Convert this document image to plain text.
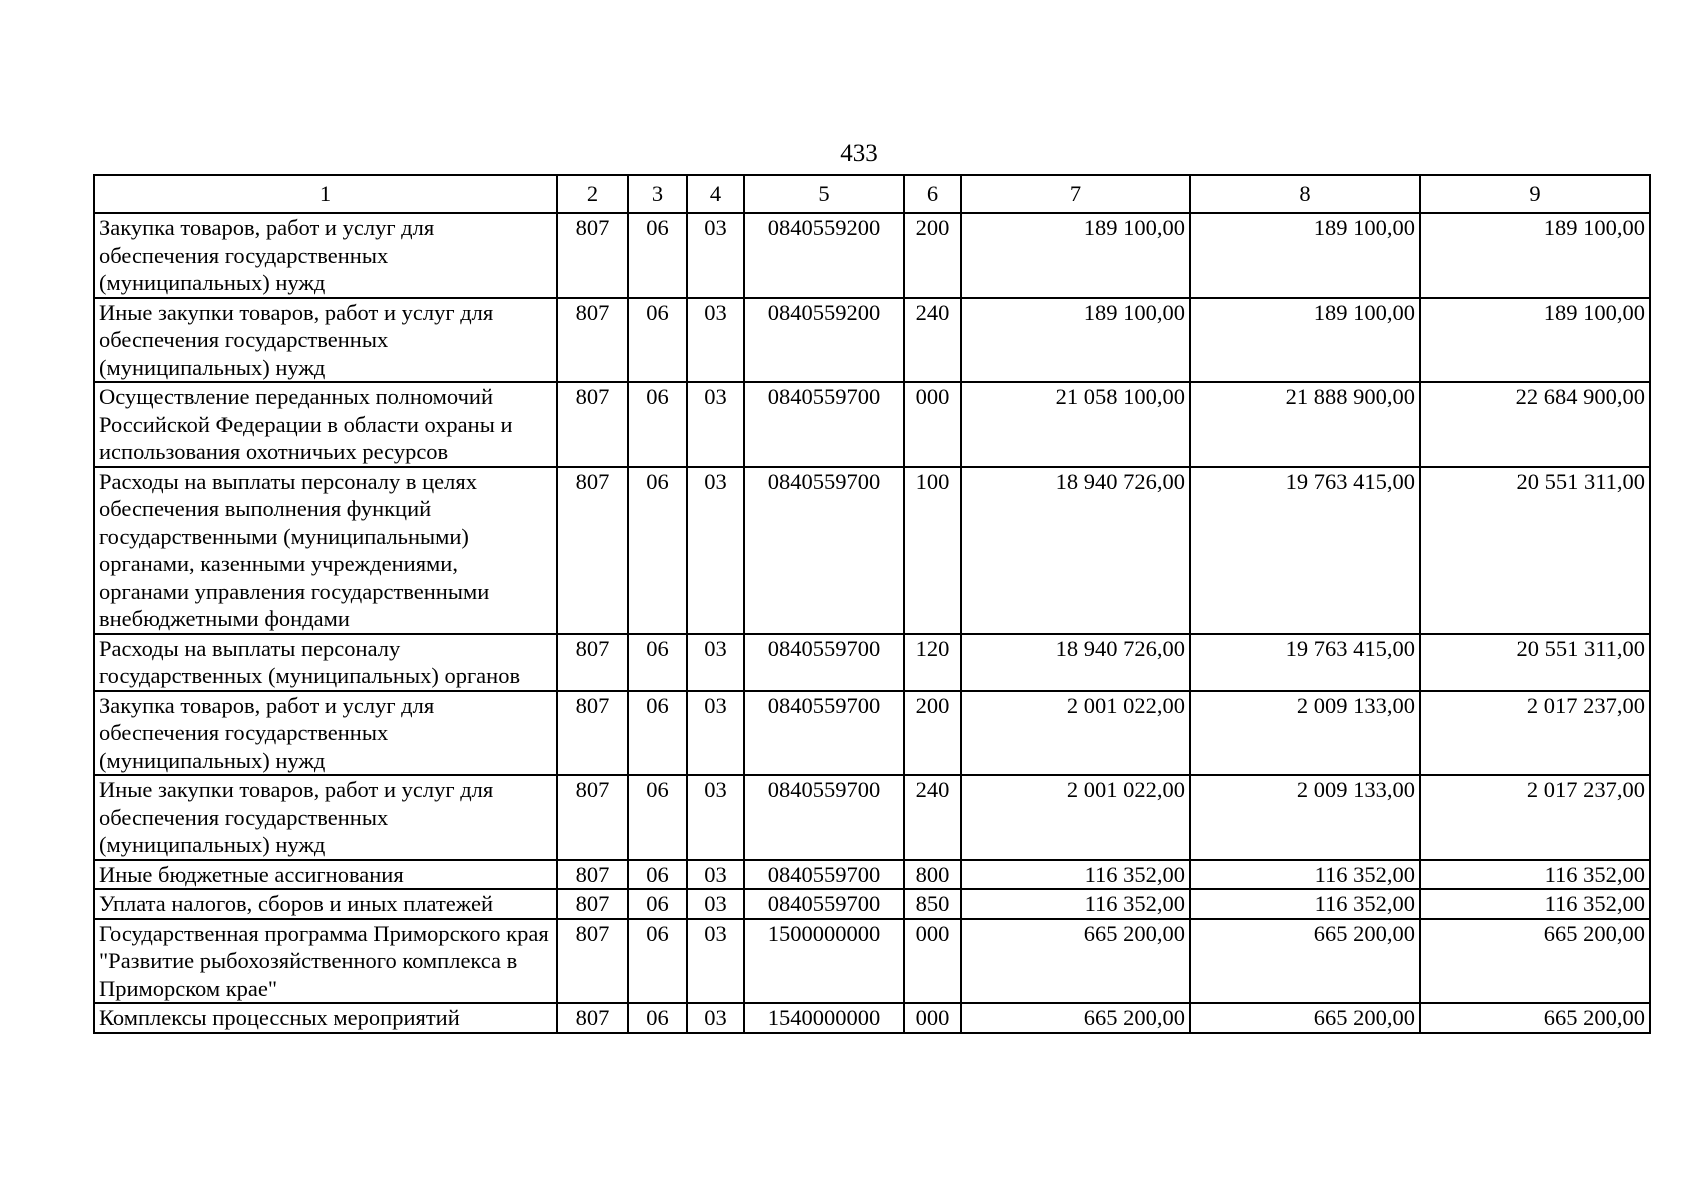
433
1	2	3	4	5	6	7	8	9
Закупка товаров, работ и услуг для обеспечения государственных (муниципальных) нужд	807	06	03	0840559200	200	189 100,00	189 100,00	189 100,00
Иные закупки товаров, работ и услуг для обеспечения государственных (муниципальных) нужд	807	06	03	0840559200	240	189 100,00	189 100,00	189 100,00
Осуществление переданных полномочий Российской Федерации в области охраны и использования охотничьих ресурсов	807	06	03	0840559700	000	21 058 100,00	21 888 900,00	22 684 900,00
Расходы на выплаты персоналу в целях обеспечения выполнения функций государственными (муниципальными) органами, казенными учреждениями, органами управления государственными внебюджетными фондами	807	06	03	0840559700	100	18 940 726,00	19 763 415,00	20 551 311,00
Расходы на выплаты персоналу государственных (муниципальных) органов	807	06	03	0840559700	120	18 940 726,00	19 763 415,00	20 551 311,00
Закупка товаров, работ и услуг для обеспечения государственных (муниципальных) нужд	807	06	03	0840559700	200	2 001 022,00	2 009 133,00	2 017 237,00
Иные закупки товаров, работ и услуг для обеспечения государственных (муниципальных) нужд	807	06	03	0840559700	240	2 001 022,00	2 009 133,00	2 017 237,00
Иные бюджетные ассигнования	807	06	03	0840559700	800	116 352,00	116 352,00	116 352,00
Уплата налогов, сборов и иных платежей	807	06	03	0840559700	850	116 352,00	116 352,00	116 352,00
Государственная программа Приморского края "Развитие рыбохозяйственного комплекса в Приморском крае"	807	06	03	1500000000	000	665 200,00	665 200,00	665 200,00
Комплексы процессных мероприятий	807	06	03	1540000000	000	665 200,00	665 200,00	665 200,00
